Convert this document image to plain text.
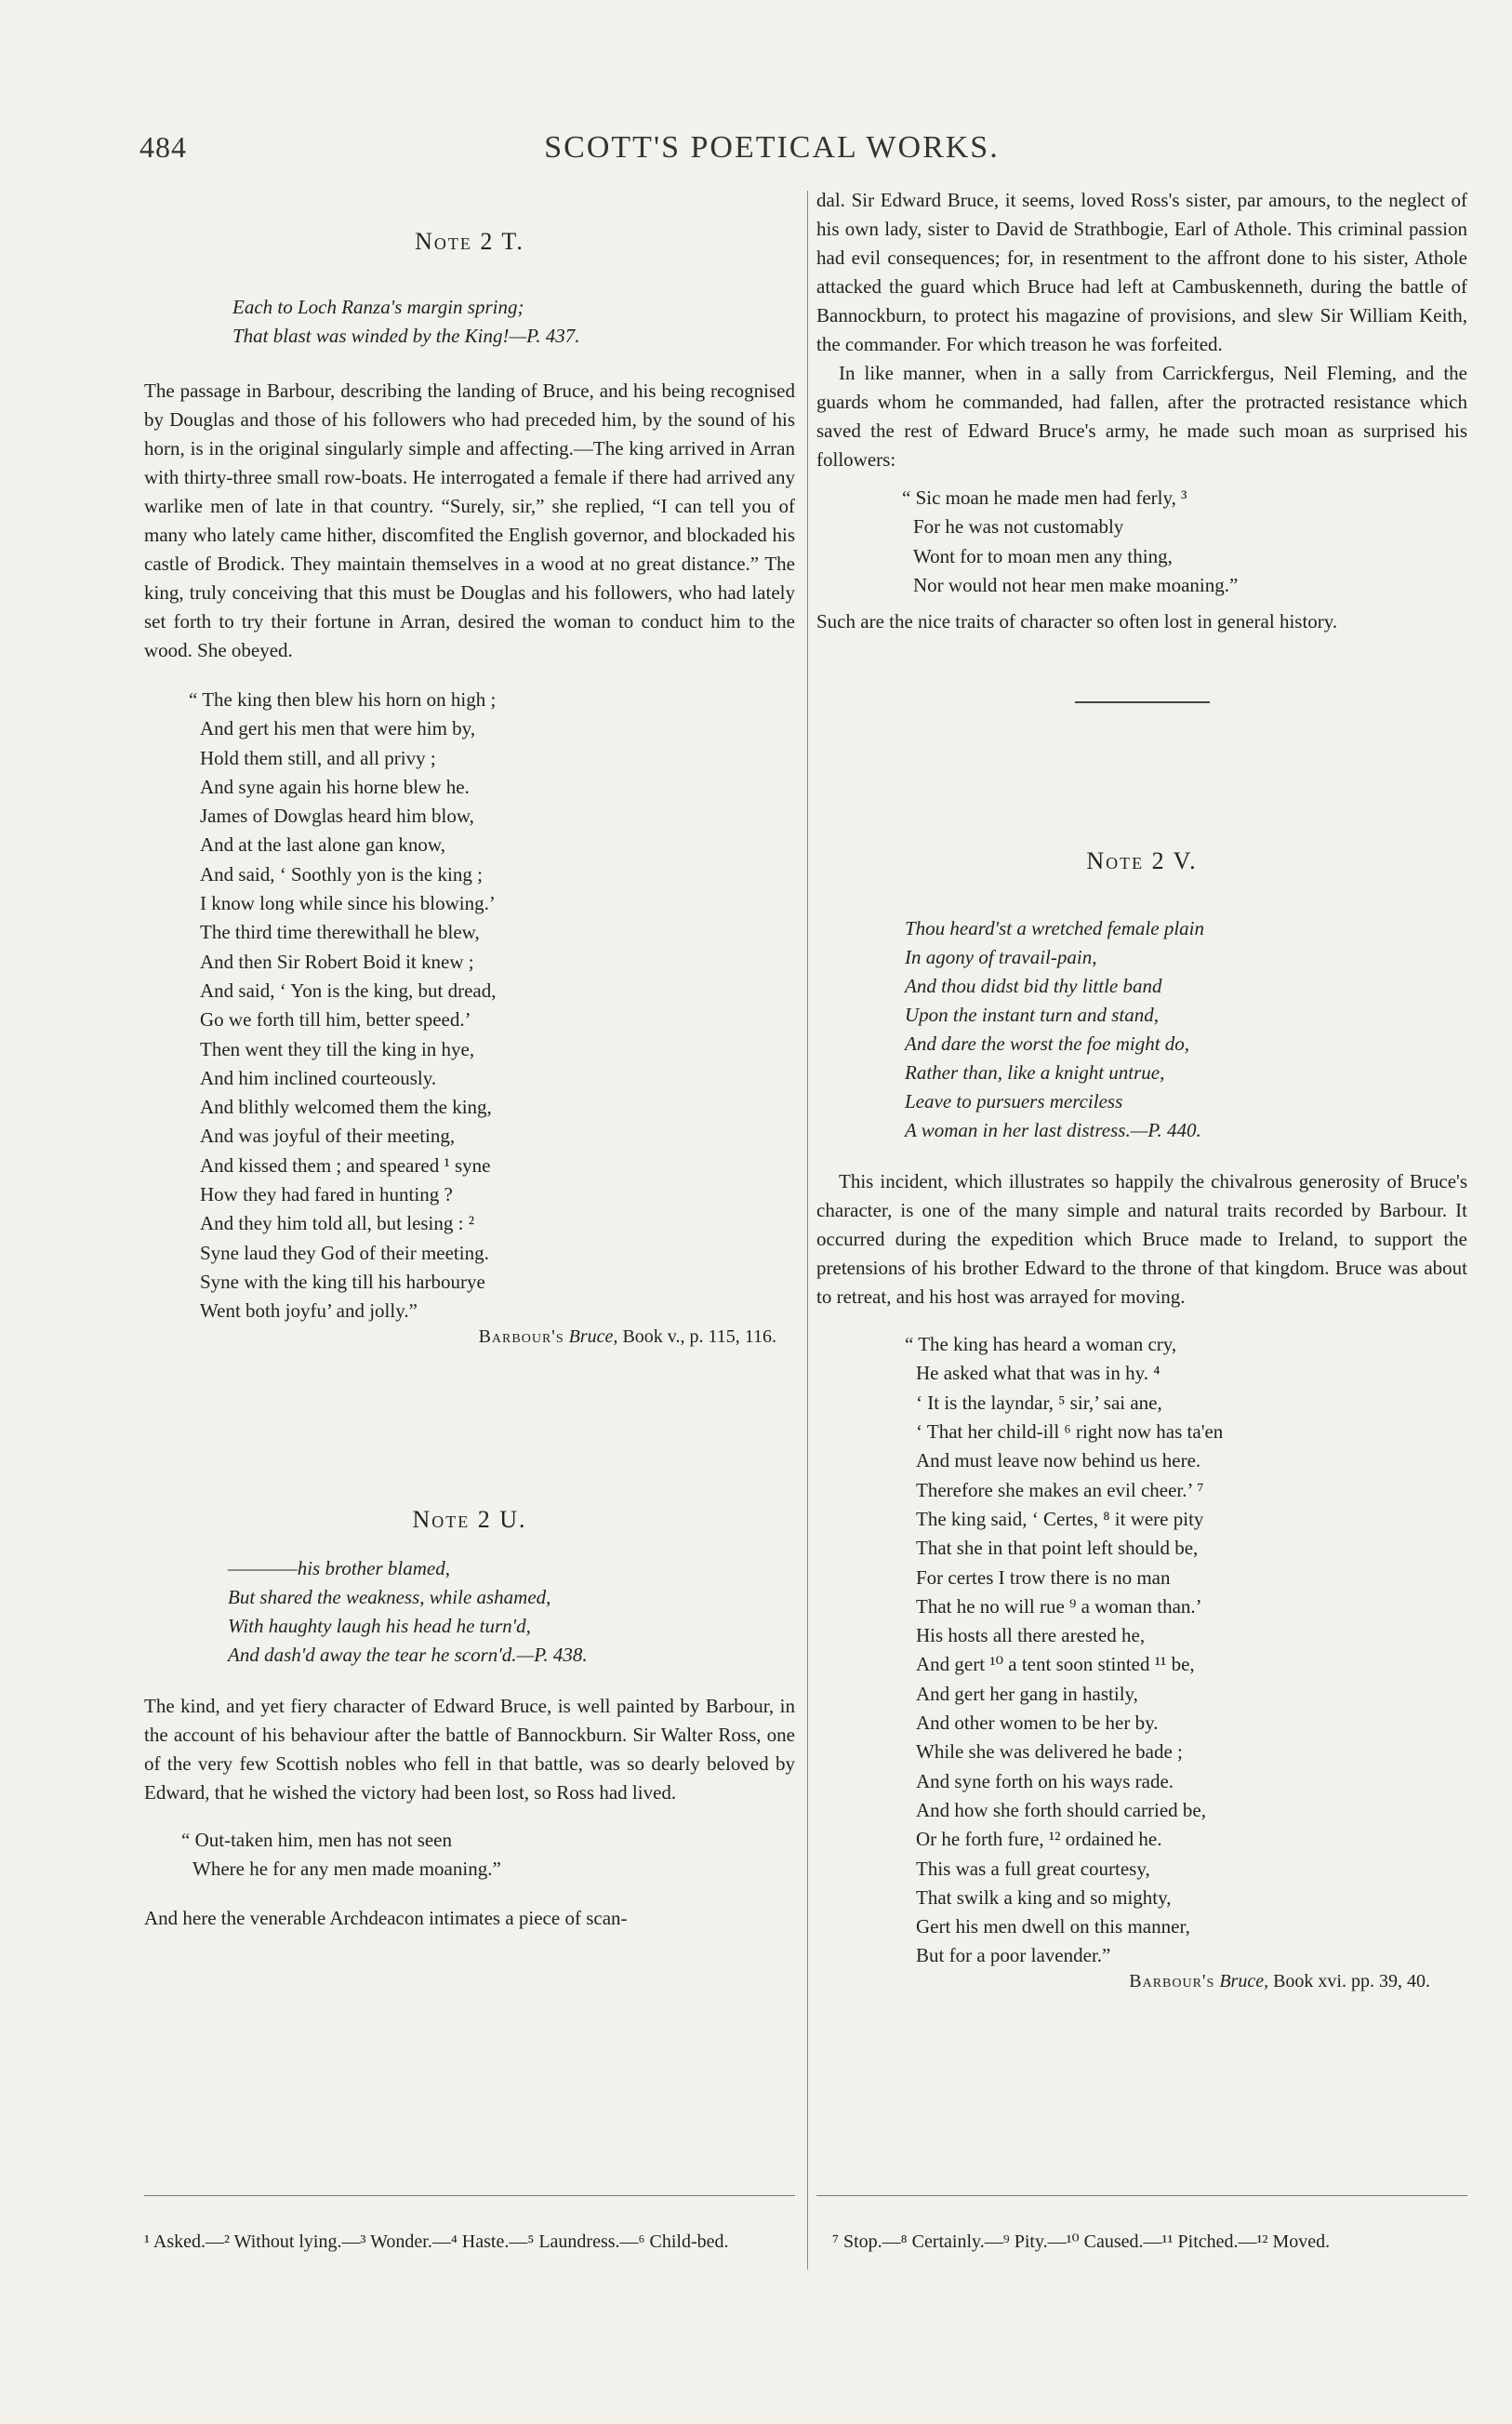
484	SCOTT'S POETICAL WORKS.

Note 2 T.

Each to Loch Ranza's margin spring;

That blast was winded by the King!—P. 437.

The passage in Barbour, describing the landing of Bruce, and his being recognised by Douglas and those of his followers who had preceded him, by the sound of his horn, is in the original singularly simple and affecting.—The king arrived in Arran with thirty-three small row-boats. He interrogated a female if there had arrived any warlike men of late in that country. “Surely, sir,” she replied, “I can tell you of many who lately came hither, discomfited the English governor, and blockaded his castle of Brodick. They maintain themselves in a wood at no great distance.” The king, truly conceiving that this must be Douglas and his followers, who had lately set forth to try their fortune in Arran, desired the woman to conduct him to the wood. She obeyed.

“ The king then blew his horn on high ;
And gert his men that were him by,
Hold them still, and all privy ;
And syne again his horne blew he.
James of Dowglas heard him blow,
And at the last alone gan know,
And said, ‘ Soothly yon is the king ;
I know long while since his blowing.’
The third time therewithall he blew,
And then Sir Robert Boid it knew ;
And said, ‘ Yon is the king, but dread,
Go we forth till him, better speed.’
Then went they till the king in hye,
And him inclined courteously.
And blithly welcomed them the king,
And was joyful of their meeting,
And kissed them ; and speared ¹ syne
How they had fared in hunting ?
And they him told all, but lesing : ²
Syne laud they God of their meeting.
Syne with the king till his harbourye
Went both joyfu’ and jolly.”

Barbour's Bruce, Book v., p. 115, 116.

Note 2 U.

————his brother blamed,

But shared the weakness, while ashamed,

With haughty laugh his head he turn'd,

And dash'd away the tear he scorn'd.—P. 438.

The kind, and yet fiery character of Edward Bruce, is well painted by Barbour, in the account of his behaviour after the battle of Bannockburn. Sir Walter Ross, one of the very few Scottish nobles who fell in that battle, was so dearly beloved by Edward, that he wished the victory had been lost, so Ross had lived.

“ Out-taken him, men has not seen
Where he for any men made moaning.”

And here the venerable Archdeacon intimates a piece of scan-

dal. Sir Edward Bruce, it seems, loved Ross's sister, par amours, to the neglect of his own lady, sister to David de Strathbogie, Earl of Athole. This criminal passion had evil consequences; for, in resentment to the affront done to his sister, Athole attacked the guard which Bruce had left at Cambuskenneth, during the battle of Bannockburn, to protect his magazine of provisions, and slew Sir William Keith, the commander. For which treason he was forfeited.

In like manner, when in a sally from Carrickfergus, Neil Fleming, and the guards whom he commanded, had fallen, after the protracted resistance which saved the rest of Edward Bruce's army, he made such moan as surprised his followers:

“ Sic moan he made men had ferly, ³
For he was not customably
Wont for to moan men any thing,
Nor would not hear men make moaning.”

Such are the nice traits of character so often lost in general history.

Note 2 V.

Thou heard'st a wretched female plain

In agony of travail-pain,

And thou didst bid thy little band

Upon the instant turn and stand,

And dare the worst the foe might do,

Rather than, like a knight untrue,

Leave to pursuers merciless

A woman in her last distress.—P. 440.

This incident, which illustrates so happily the chivalrous generosity of Bruce's character, is one of the many simple and natural traits recorded by Barbour. It occurred during the expedition which Bruce made to Ireland, to support the pretensions of his brother Edward to the throne of that kingdom. Bruce was about to retreat, and his host was arrayed for moving.

“ The king has heard a woman cry,
He asked what that was in hy. ⁴
‘ It is the layndar, ⁵ sir,’ sai ane,
‘ That her child-ill ⁶ right now has ta'en
And must leave now behind us here.
Therefore she makes an evil cheer.’ ⁷
The king said, ‘ Certes, ⁸ it were pity
That she in that point left should be,
For certes I trow there is no man
That he no will rue ⁹ a woman than.’
His hosts all there arested he,
And gert ¹⁰ a tent soon stinted ¹¹ be,
And gert her gang in hastily,
And other women to be her by.
While she was delivered he bade ;
And syne forth on his ways rade.
And how she forth should carried be,
Or he forth fure, ¹² ordained he.
This was a full great courtesy,
That swilk a king and so mighty,
Gert his men dwell on this manner,
But for a poor lavender.”

Barbour's Bruce, Book xvi. pp. 39, 40.

¹ Asked.—² Without lying.—³ Wonder.—⁴ Haste.—⁵ Laundress.—⁶ Child-bed.	⁷ Stop.—⁸ Certainly.—⁹ Pity.—¹⁰ Caused.—¹¹ Pitched.—¹² Moved.
